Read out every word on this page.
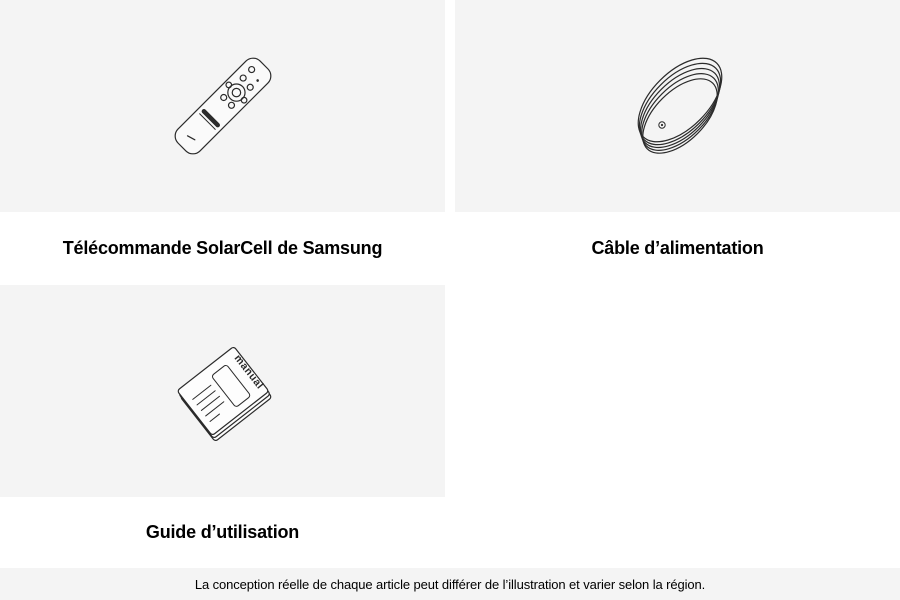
Télécommande SolarCell de Samsung	Câble d’alimentation
manual
Guide d’utilisation
La conception réelle de chaque article peut différer de l’illustration et varier selon la région.
